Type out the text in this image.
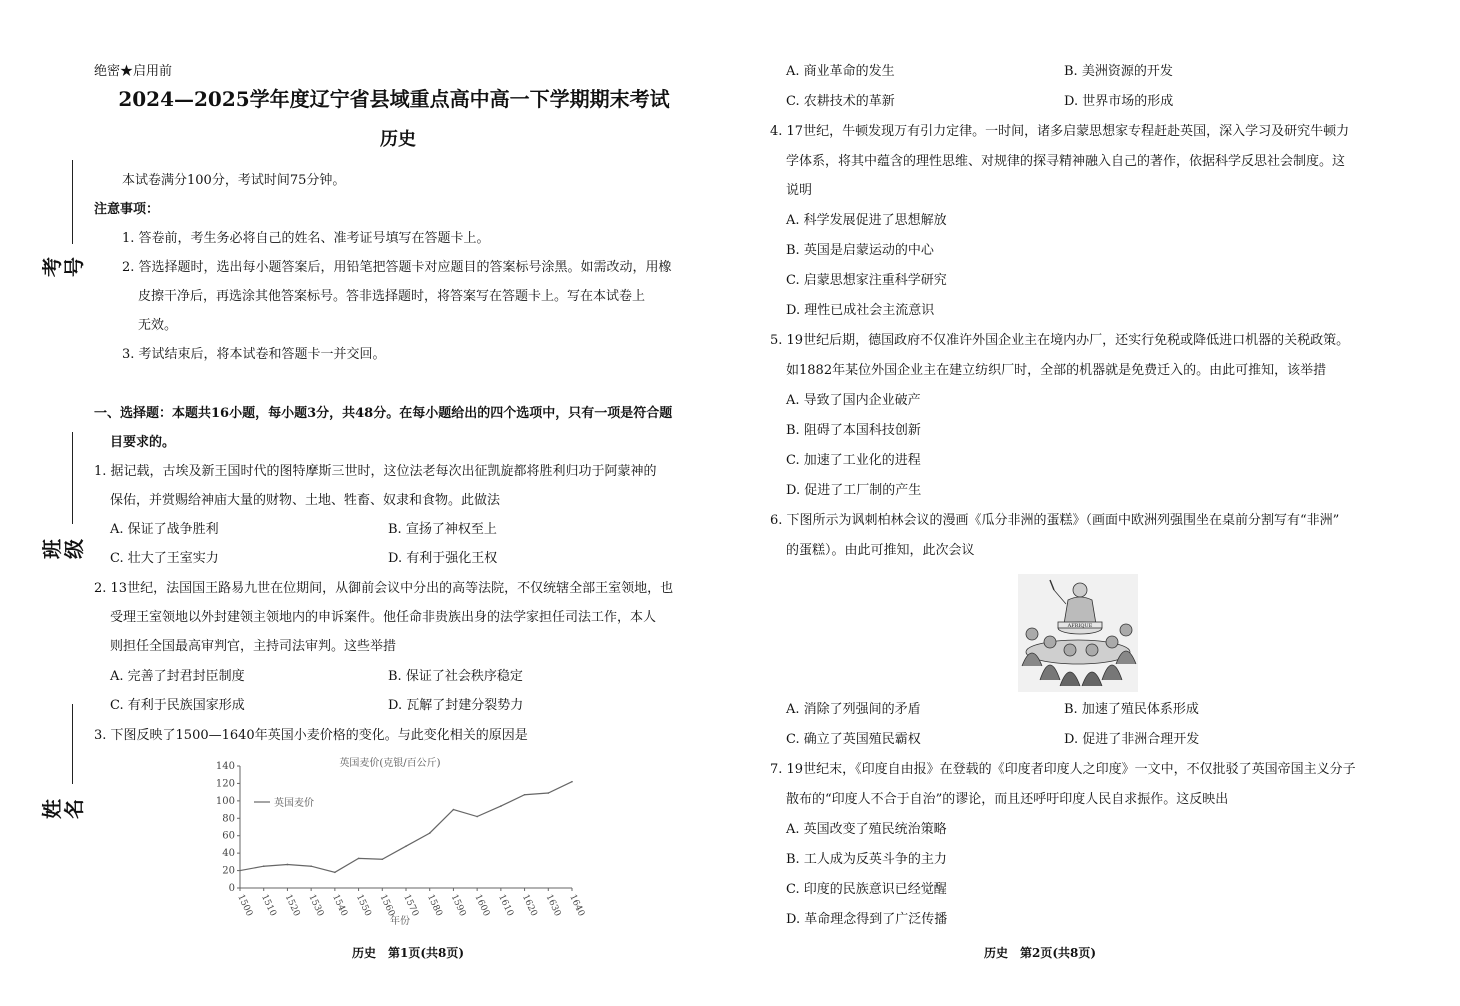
考号
班级
姓名
绝密★启用前
2024—2025学年度辽宁省县域重点高中高一下学期期末考试
历史
本试卷满分100分，考试时间75分钟。
注意事项：
1. 答卷前，考生务必将自己的姓名、准考证号填写在答题卡上。
2. 答选择题时，选出每小题答案后，用铅笔把答题卡对应题目的答案标号涂黑。如需改动，用橡
皮擦干净后，再选涂其他答案标号。答非选择题时，将答案写在答题卡上。写在本试卷上
无效。
3. 考试结束后，将本试卷和答题卡一并交回。
一、选择题：本题共16小题，每小题3分，共48分。在每小题给出的四个选项中，只有一项是符合题
目要求的。
1. 据记载，古埃及新王国时代的图特摩斯三世时，这位法老每次出征凯旋都将胜利归功于阿蒙神的
保佑，并赏赐给神庙大量的财物、土地、牲畜、奴隶和食物。此做法
A. 保证了战争胜利	B. 宣扬了神权至上
C. 壮大了王室实力	D. 有利于强化王权
2. 13世纪，法国国王路易九世在位期间，从御前会议中分出的高等法院，不仅统辖全部王室领地，也
受理王室领地以外封建领主领地内的申诉案件。他任命非贵族出身的法学家担任司法工作，本人
则担任全国最高审判官，主持司法审判。这些举措
A. 完善了封君封臣制度	B. 保证了社会秩序稳定
C. 有利于民族国家形成	D. 瓦解了封建分裂势力
3. 下图反映了1500—1640年英国小麦价格的变化。与此变化相关的原因是
英国麦价(克银/百公斤)
0
20
40
60
80
100
120
140
1500 1510 1520 1530 1540 1550 1560 1570 1580 1590 1600 1610 1620 1630 1640
英国麦价
年份
A. 商业革命的发生	B. 美洲资源的开发
C. 农耕技术的革新	D. 世界市场的形成
4. 17世纪，牛顿发现万有引力定律。一时间，诸多启蒙思想家专程赶赴英国，深入学习及研究牛顿力
学体系，将其中蕴含的理性思维、对规律的探寻精神融入自己的著作，依据科学反思社会制度。这
说明
A. 科学发展促进了思想解放
B. 英国是启蒙运动的中心
C. 启蒙思想家注重科学研究
D. 理性已成社会主流意识
5. 19世纪后期，德国政府不仅准许外国企业主在境内办厂，还实行免税或降低进口机器的关税政策。
如1882年某位外国企业主在建立纺织厂时，全部的机器就是免费迁入的。由此可推知，该举措
A. 导致了国内企业破产
B. 阻碍了本国科技创新
C. 加速了工业化的进程
D. 促进了工厂制的产生
6. 下图所示为讽刺柏林会议的漫画《瓜分非洲的蛋糕》（画面中欧洲列强围坐在桌前分割写有“非洲”
的蛋糕）。由此可推知，此次会议
AFRIQUE
A. 消除了列强间的矛盾	B. 加速了殖民体系形成
C. 确立了英国殖民霸权	D. 促进了非洲合理开发
7. 19世纪末，《印度自由报》在登载的《印度者印度人之印度》一文中，不仅批驳了英国帝国主义分子
散布的“印度人不合于自治”的谬论，而且还呼吁印度人民自求振作。这反映出
A. 英国改变了殖民统治策略
B. 工人成为反英斗争的主力
C. 印度的民族意识已经觉醒
D. 革命理念得到了广泛传播
历史　第1页(共8页)	历史　第2页(共8页)
